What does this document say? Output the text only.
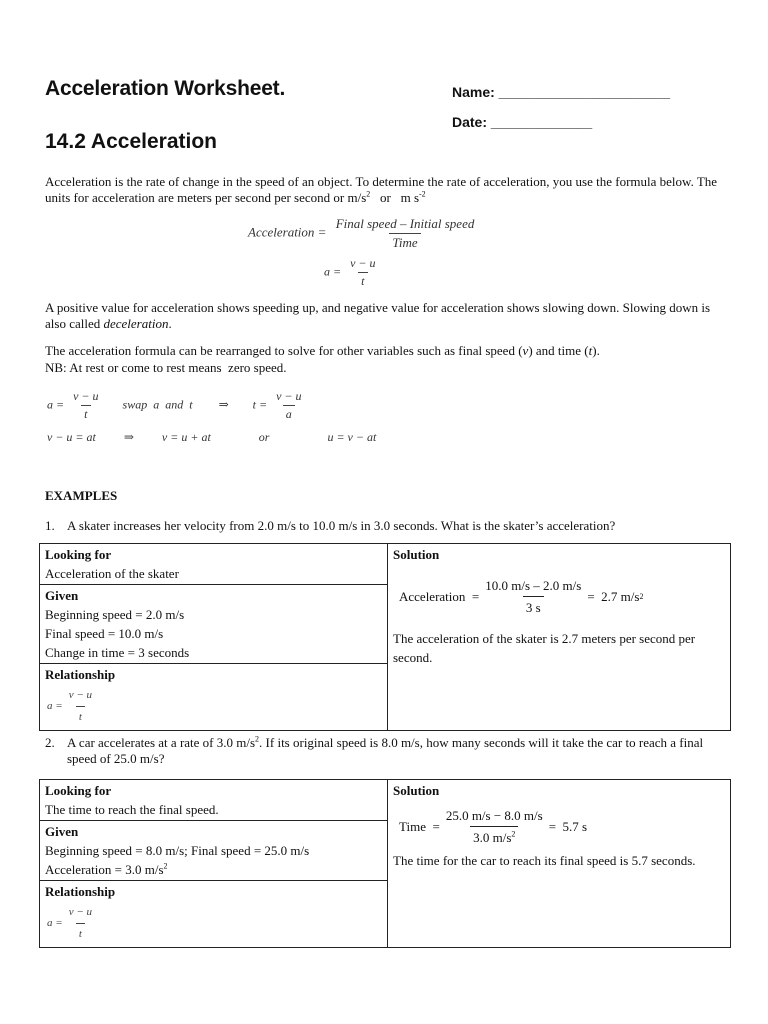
Acceleration Worksheet.	Name: ______________________
Date: _____________
14.2 Acceleration
Acceleration is the rate of change in the speed of an object. To determine the rate of acceleration, you use the formula below. The units for acceleration are meters per second per second or $m/s^2$   or   m $s^{-2}$
Acceleration = $\frac{\text{Final speed – Initial speed}}{\text{Time}}$
$a = \frac{v - u}{t}$
A positive value for acceleration shows speeding up, and negative value for acceleration shows slowing down. Slowing down is also called deceleration.
The acceleration formula can be rearranged to solve for other variables such as final speed (v) and time (t).
NB: At rest or come to rest means  zero speed.
$a = \frac{v - u}{t}$ swap  a  and  t ⇒ $t = \frac{v - u}{a}$
v − u = at ⇒ v = u + at	or	u = v − at
EXAMPLES
1. A skater increases her velocity from 2.0 m/s to 10.0 m/s in 3.0 seconds. What is the skater’s acceleration?
Looking for
Acceleration of the skater

Solution
Acceleration  = $\frac{10.0 m/s - 2.0 m/s}{3 s} = 2.7$ m/s 2
The acceleration of the skater is 2.7 meters per second per second.

Given
Beginning speed = 2.0 m/s
Final speed = 10.0 m/s
Change in time = 3 seconds

Relationship
$a = \frac{v - u}{t}$
2. A car accelerates at a rate of 3.0 $m/s^2$. If its original speed is 8.0 m/s, how many seconds will it take the car to reach a final speed of 25.0 m/s?
Looking for
The time to reach the final speed.

Solution
Time  = $\frac{25.0 m/s - 8.0 m/s}{3.0 m/s^2} = 5.7$ s
The time for the car to reach its final speed is 5.7 seconds.

Given
Beginning speed = 8.0 m/s; Final speed = 25.0 m/s
Acceleration = 3.0 $m/s^2$

Relationship
$a = \frac{v - u}{t}$
